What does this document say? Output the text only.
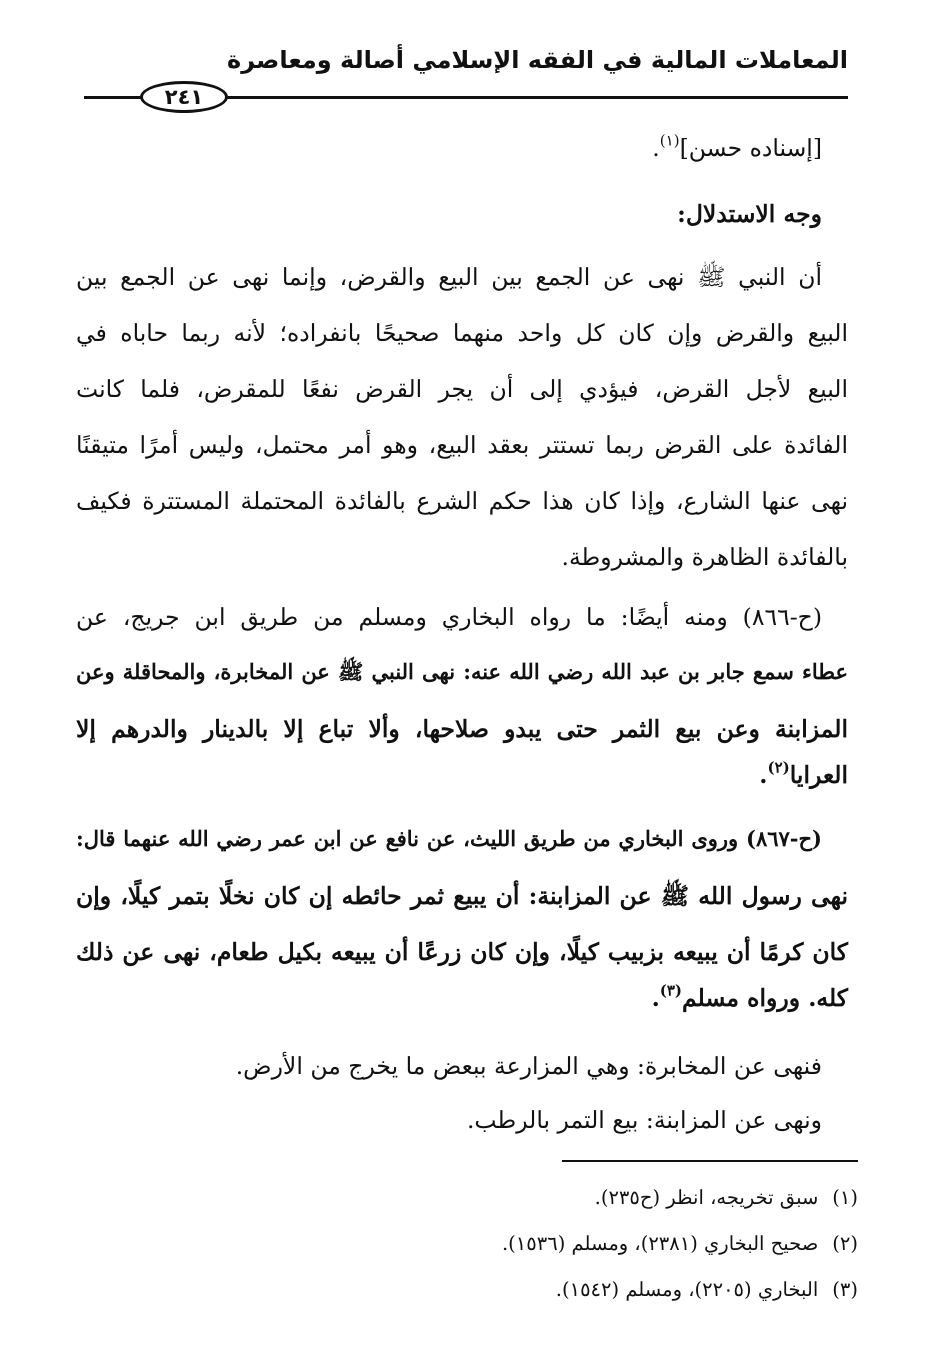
المعاملات المالية في الفقه الإسلامي أصالة ومعاصرة
٢٤١
[إسناده حسن]$^{(١)}$.
وجه الاستدلال:
أن النبي ﷺ نهى عن الجمع بين البيع والقرض، وإنما نهى عن الجمع بين
البيع والقرض وإن كان كل واحد منهما صحيحًا بانفراده؛ لأنه ربما حاباه في
البيع لأجل القرض، فيؤدي إلى أن يجر القرض نفعًا للمقرض، فلما كانت
الفائدة على القرض ربما تستتر بعقد البيع، وهو أمر محتمل، وليس أمرًا متيقنًا
نهى عنها الشارع، وإذا كان هذا حكم الشرع بالفائدة المحتملة المستترة فكيف
بالفائدة الظاهرة والمشروطة.
(ح-٨٦٦) ومنه أيضًا: ما رواه البخاري ومسلم من طريق ابن جريج، عن
عطاء سمع جابر بن عبد الله رضي الله عنه: نهى النبي ﷺ عن المخابرة، والمحاقلة وعن
المزابنة وعن بيع الثمر حتى يبدو صلاحها، وألا تباع إلا بالدينار والدرهم إلا
العرايا$^{(٢)}$.
(ح-٨٦٧) وروى البخاري من طريق الليث، عن نافع عن ابن عمر رضي الله عنهما قال:
نهى رسول الله ﷺ عن المزابنة: أن يبيع ثمر حائطه إن كان نخلًا بتمر كيلًا، وإن
كان كرمًا أن يبيعه بزبيب كيلًا، وإن كان زرعًا أن يبيعه بكيل طعام، نهى عن ذلك
كله. ورواه مسلم$^{(٣)}$.
فنهى عن المخابرة: وهي المزارعة ببعض ما يخرج من الأرض.
ونهى عن المزابنة: بيع التمر بالرطب.
(١)سبق تخريجه، انظر (ح٢٣٥).
(٢)صحيح البخاري (٢٣٨١)، ومسلم (١٥٣٦).
(٣)البخاري (٢٢٠٥)، ومسلم (١٥٤٢).
